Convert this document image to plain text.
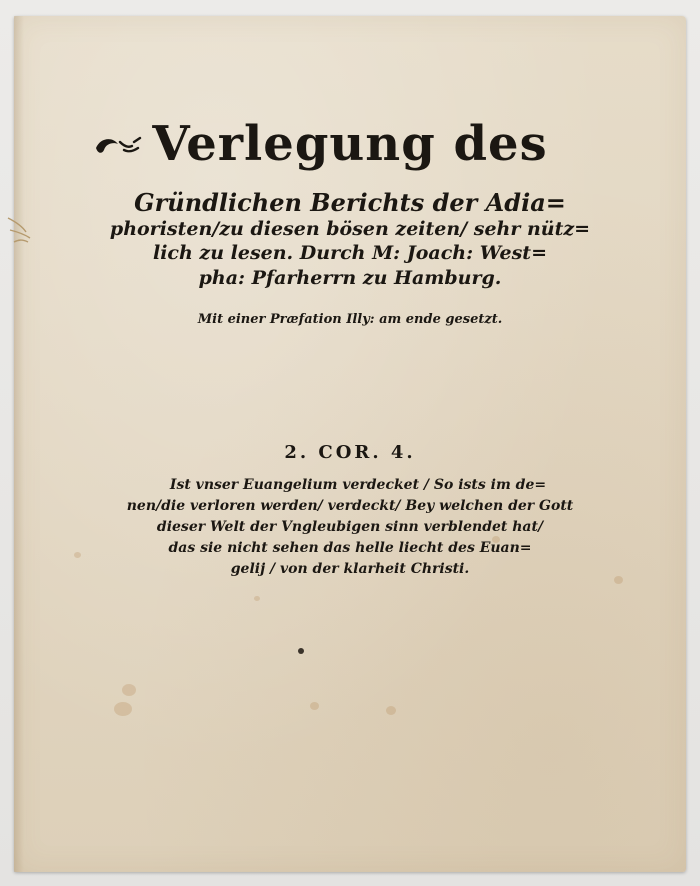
Verlegung des
Gründlichen Berichts der Adia=
phoristen/zu diesen bösen zeiten/ sehr nütz=
lich zu lesen. Durch M: Joach: West=
pha: Pfarherrn zu Hamburg.
Mit einer Præfation Illy: am ende gesetzt.
2. COR. 4.
Ist vnser Euangelium verdecket / So ists im de=
nen/die verloren werden/ verdeckt/ Bey welchen der Gott
dieser Welt der Vngleubigen sinn verblendet hat/
das sie nicht sehen das helle liecht des Euan=
gelij / von der klarheit Christi.
